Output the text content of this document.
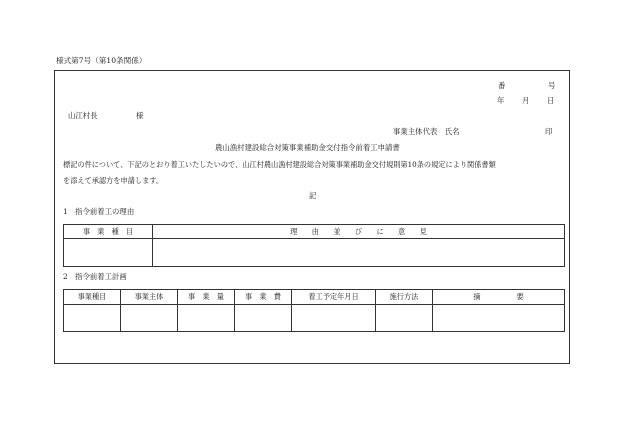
様式第7号（第10条関係）
番	号
年 月 日
山江村長	様
事業主体代表　氏名	印
農山漁村建設総合対策事業補助金交付指令前着工申請書
標記の件について、下記のとおり着工いたしたいので、山江村農山漁村建設総合対策事業補助金交付規則第10条の規定により関係書類
を添えて承認方を申請します。
記
1　指令前着工の理由
事　業　種　目	理　　由　　並　　び　　に　　意　　見

2　指令前着工計画
事業種目	事業主体	事　業　量	事　業　費	着工予定年月日	施行方法	摘　　　　　要
